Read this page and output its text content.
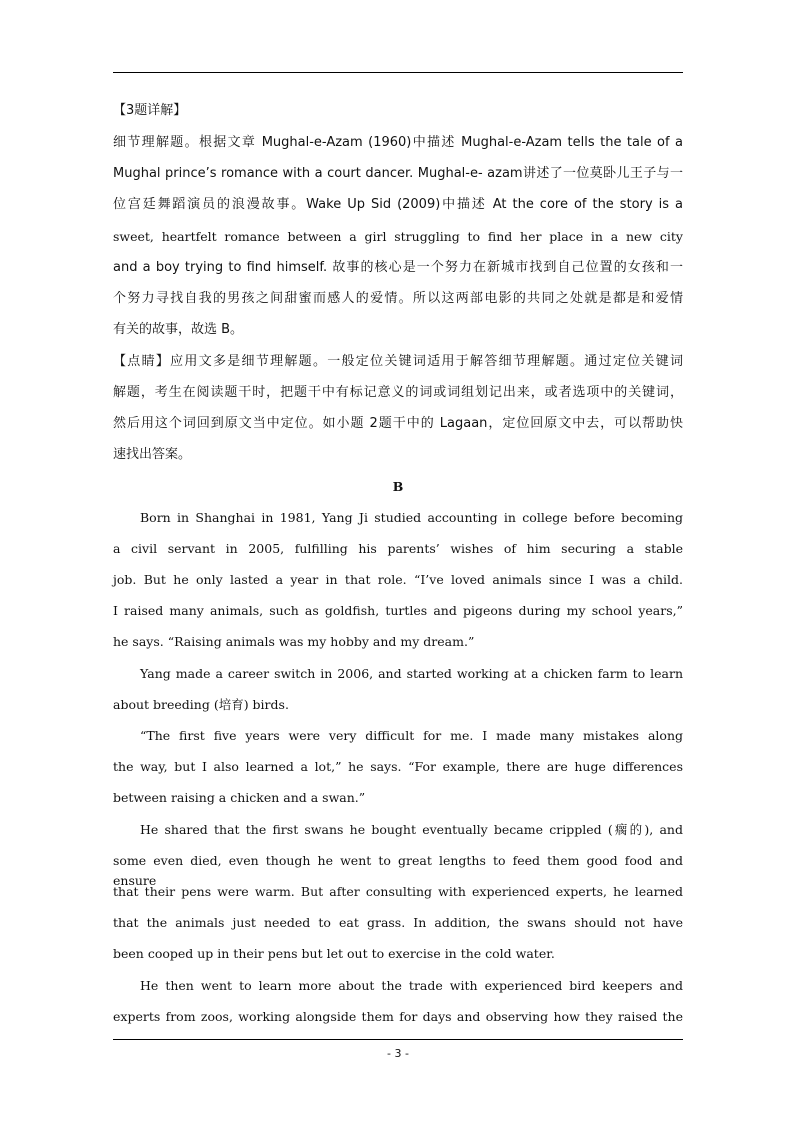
【3题详解】
细节理解题。根据文章 Mughal-e-Azam (1960)中描述 Mughal-e-Azam tells the tale of a
Mughal prince’s romance with a court dancer. Mughal-e- azam讲述了一位莫卧儿王子与一
位宫廷舞蹈演员的浪漫故事。Wake Up Sid (2009)中描述 At the core of the story is a
sweet, heartfelt romance between a girl struggling to find her place in a new city
and a boy trying to find himself. 故事的核心是一个努力在新城市找到自己位置的女孩和一
个努力寻找自我的男孩之间甜蜜而感人的爱情。所以这两部电影的共同之处就是都是和爱情
有关的故事，故选 B。
【点睛】应用文多是细节理解题。一般定位关键词适用于解答细节理解题。通过定位关键词
解题，考生在阅读题干时，把题干中有标记意义的词或词组划记出来，或者选项中的关键词，
然后用这个词回到原文当中定位。如小题 2题干中的 Lagaan，定位回原文中去，可以帮助快
速找出答案。
B
Born in Shanghai in 1981, Yang Ji studied accounting in college before becoming
a civil servant in 2005, fulfilling his parents’ wishes of him securing a stable
job. But he only lasted a year in that role. “I’ve loved animals since I was a child.
I raised many animals, such as goldfish, turtles and pigeons during my school years,”
he says. “Raising animals was my hobby and my dream.”
Yang made a career switch in 2006, and started working at a chicken farm to learn
about breeding (培育) birds.
“The first five years were very difficult for me. I made many mistakes along
the way, but I also learned a lot,” he says. “For example, there are huge differences
between raising a chicken and a swan.”
He shared that the first swans he bought eventually became crippled (瘸的), and
some even died, even though he went to great lengths to feed them good food and ensure
that their pens were warm. But after consulting with experienced experts, he learned
that the animals just needed to eat grass. In addition, the swans should not have
been cooped up in their pens but let out to exercise in the cold water.
He then went to learn more about the trade with experienced bird keepers and
experts from zoos, working alongside them for days and observing how they raised the
- 3 -
